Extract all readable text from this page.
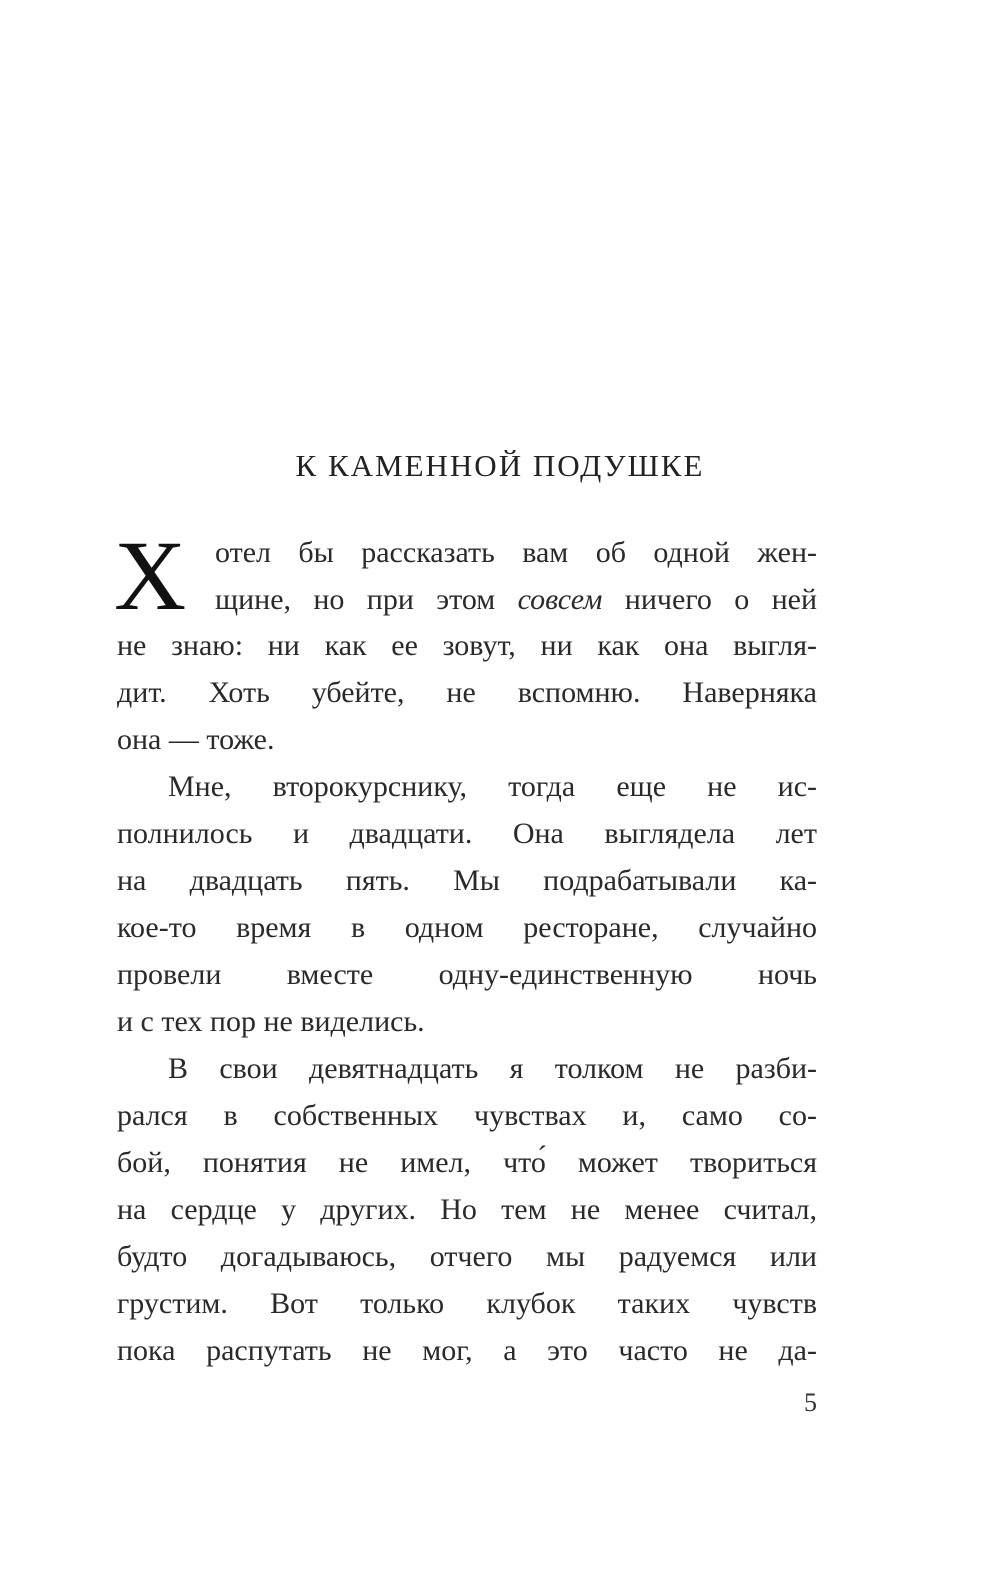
К КАМЕННОЙ ПОДУШКЕ
Х отел бы рассказать вам об одной жен-
щине, но при этом совсем ничего о ней
не знаю: ни как ее зовут, ни как она выгля-
дит. Хоть убейте, не вспомню. Наверняка
она — тоже.
Мне, второкурснику, тогда еще не ис-
полнилось и двадцати. Она выглядела лет
на двадцать пять. Мы подрабатывали ка-
кое-то время в одном ресторане, случайно
провели вместе одну-единственную ночь
и с тех пор не виделись.
В свои девятнадцать я толком не разби-
рался в собственных чувствах и, само со-
бой, понятия не имел, что́ может твориться
на сердце у других. Но тем не менее считал,
будто догадываюсь, отчего мы радуемся или
грустим. Вот только клубок таких чувств
пока распутать не мог, а это часто не да-
5
